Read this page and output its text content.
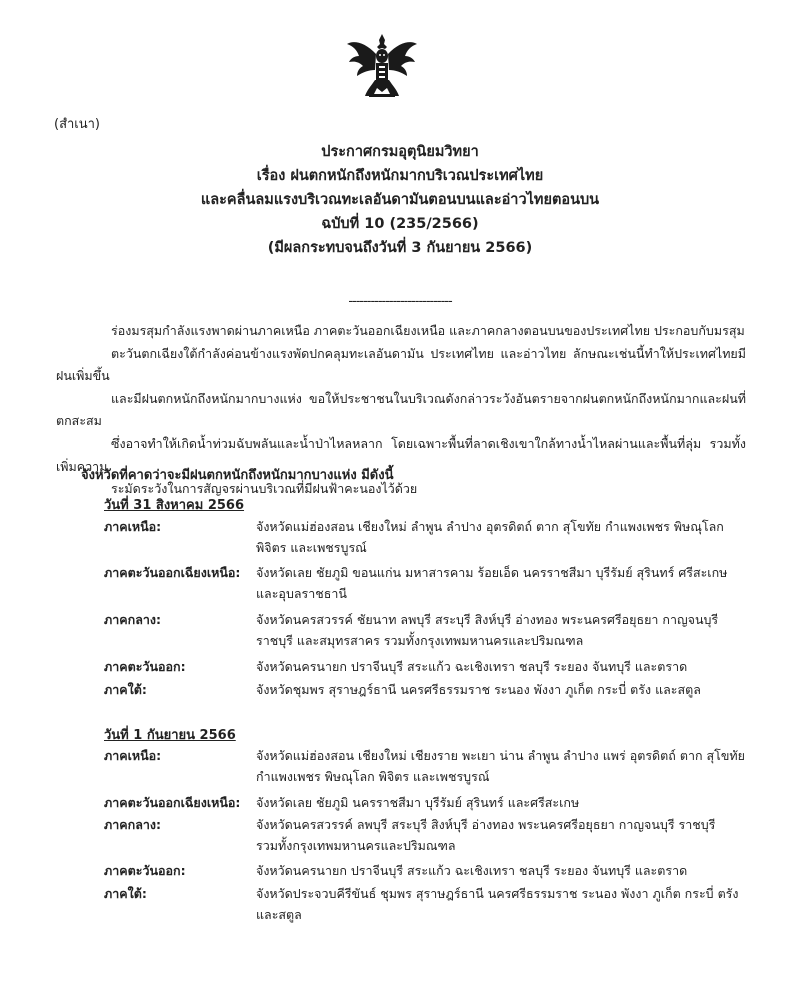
(สำเนา)
ประกาศกรมอุตุนิยมวิทยา
เรื่อง ฝนตกหนักถึงหนักมากบริเวณประเทศไทย
และคลื่นลมแรงบริเวณทะเลอันดามันตอนบนและอ่าวไทยตอนบน
ฉบับที่ 10 (235/2566)
(มีผลกระทบจนถึงวันที่ 3 กันยายน 2566)
----------------------------
ร่องมรสุมกำลังแรงพาดผ่านภาคเหนือ ภาคตะวันออกเฉียงเหนือ และภาคกลางตอนบนของประเทศไทย ประกอบกับมรสุม
ตะวันตกเฉียงใต้กำลังค่อนข้างแรงพัดปกคลุมทะเลอันดามัน ประเทศไทย และอ่าวไทย ลักษณะเช่นนี้ทำให้ประเทศไทยมีฝนเพิ่มขึ้น
และมีฝนตกหนักถึงหนักมากบางแห่ง ขอให้ประชาชนในบริเวณดังกล่าวระวังอันตรายจากฝนตกหนักถึงหนักมากและฝนที่ตกสะสม
ซึ่งอาจทำให้เกิดน้ำท่วมฉับพลันและน้ำป่าไหลหลาก โดยเฉพาะพื้นที่ลาดเชิงเขาใกล้ทางน้ำไหลผ่านและพื้นที่ลุ่ม รวมทั้งเพิ่มความ
ระมัดระวังในการสัญจรผ่านบริเวณที่มีฝนฟ้าคะนองไว้ด้วย
จังหวัดที่คาดว่าจะมีฝนตกหนักถึงหนักมากบางแห่ง มีดังนี้
วันที่ 31 สิงหาคม 2566
ภาคเหนือ:	จังหวัดแม่ฮ่องสอน เชียงใหม่ ลำพูน ลำปาง อุตรดิตถ์ ตาก สุโขทัย กำแพงเพชร พิษณุโลก
พิจิตร และเพชรบูรณ์
ภาคตะวันออกเฉียงเหนือ: จังหวัดเลย ชัยภูมิ ขอนแก่น มหาสารคาม ร้อยเอ็ด นครราชสีมา บุรีรัมย์ สุรินทร์ ศรีสะเกษ
และอุบลราชธานี
ภาคกลาง:	จังหวัดนครสวรรค์ ชัยนาท ลพบุรี สระบุรี สิงห์บุรี อ่างทอง พระนครศรีอยุธยา กาญจนบุรี
ราชบุรี และสมุทรสาคร รวมทั้งกรุงเทพมหานครและปริมณฑล
ภาคตะวันออก:	จังหวัดนครนายก ปราจีนบุรี สระแก้ว ฉะเชิงเทรา ชลบุรี ระยอง จันทบุรี และตราด
ภาคใต้:	จังหวัดชุมพร สุราษฎร์ธานี นครศรีธรรมราช ระนอง พังงา ภูเก็ต กระบี่ ตรัง และสตูล
วันที่ 1 กันยายน 2566
ภาคเหนือ:	จังหวัดแม่ฮ่องสอน เชียงใหม่ เชียงราย พะเยา น่าน ลำพูน ลำปาง แพร่ อุตรดิตถ์ ตาก สุโขทัย
กำแพงเพชร พิษณุโลก พิจิตร และเพชรบูรณ์
ภาคตะวันออกเฉียงเหนือ: จังหวัดเลย ชัยภูมิ นครราชสีมา บุรีรัมย์ สุรินทร์ และศรีสะเกษ
ภาคกลาง:	จังหวัดนครสวรรค์ ลพบุรี สระบุรี สิงห์บุรี อ่างทอง พระนครศรีอยุธยา กาญจนบุรี ราชบุรี
รวมทั้งกรุงเทพมหานครและปริมณฑล
ภาคตะวันออก:	จังหวัดนครนายก ปราจีนบุรี สระแก้ว ฉะเชิงเทรา ชลบุรี ระยอง จันทบุรี และตราด
ภาคใต้:	จังหวัดประจวบคีรีขันธ์ ชุมพร สุราษฎร์ธานี นครศรีธรรมราช ระนอง พังงา ภูเก็ต กระบี่ ตรัง
และสตูล
